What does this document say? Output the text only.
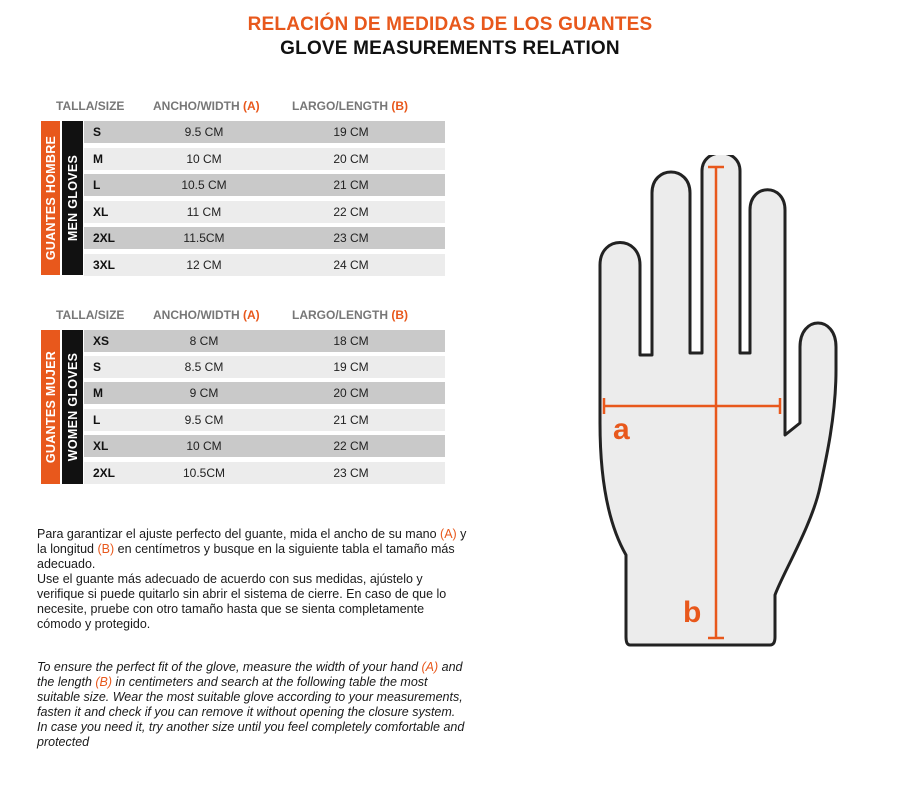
RELACIÓN DE MEDIDAS DE LOS GUANTES
GLOVE MEASUREMENTS RELATION
TALLA/SIZE ANCHO/WIDTH (A)	LARGO/LENGTH (B)
GUANTES HOMBRE MEN GLOVES
S	9.5 CM	19 CM
M	10 CM	20 CM
L	10.5 CM	21 CM
XL	11 CM	22 CM
2XL	11.5CM	23 CM
3XL	12 CM	24 CM
TALLA/SIZE ANCHO/WIDTH (A)	LARGO/LENGTH (B)
GUANTES MUJER WOMEN GLOVES
XS	8 CM	18 CM
S	8.5 CM	19 CM
M	9 CM	20 CM
L	9.5 CM	21 CM
XL	10 CM	22 CM
2XL	10.5CM	23 CM

Para garantizar el ajuste perfecto del guante, mida el ancho de su mano (A) y la longitud (B) en centímetros y busque en la siguiente tabla el tamaño más adecuado.

Use el guante más adecuado de acuerdo con sus medidas, ajústelo y verifique si puede quitarlo sin abrir el sistema de cierre. En caso de que lo necesite, pruebe con otro tamaño hasta que se sienta completamente cómodo y protegido.

To ensure the perfect fit of the glove, measure the width of your hand (A) and the length (B) in centimeters and search at the following table the most suitable size. Wear the most suitable glove according to your measurements, fasten it and check if you can remove it without opening the closure system.

In case you need it, try another size until you feel completely comfortable and protected

a
b
